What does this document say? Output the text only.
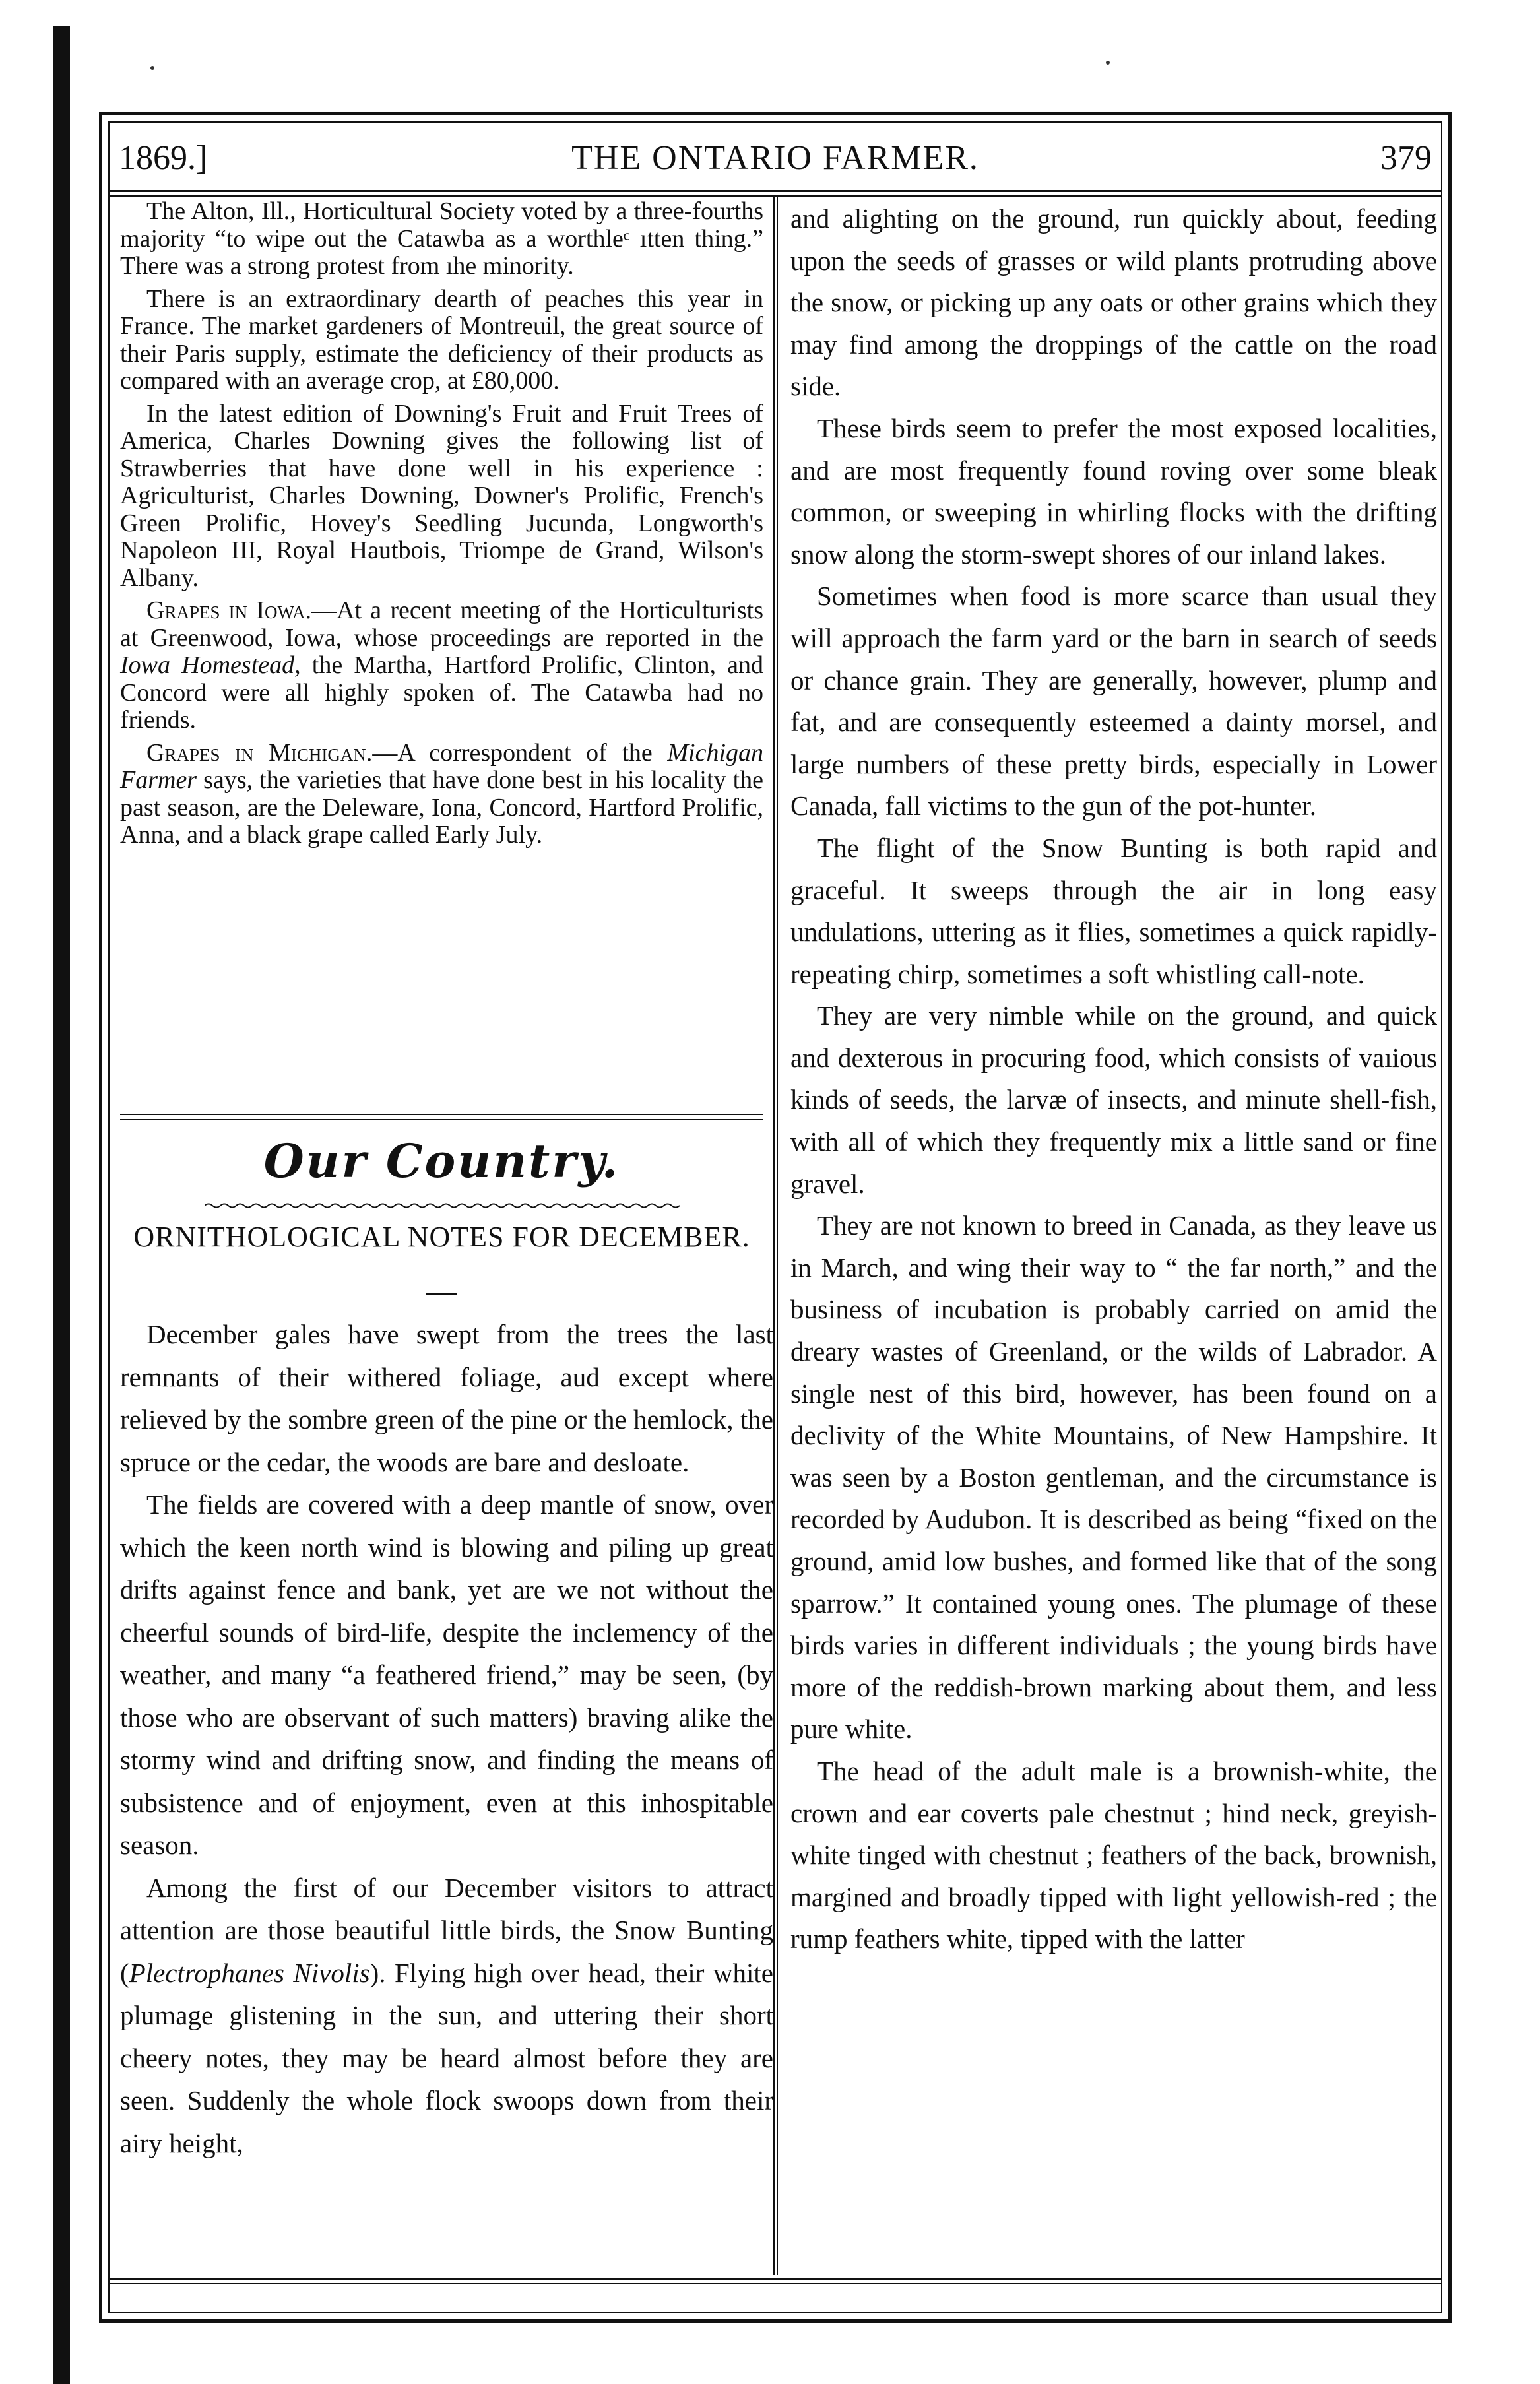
1869.]	THE ONTARIO FARMER.	379

The Alton, Ill., Horticultural Society voted by a three-fourths majority “to wipe out the Catawba as a worthleᶜ ıtten thing.” There was a strong protest from ıhe minority.

There is an extraordinary dearth of peaches this year in France. The market gardeners of Montreuil, the great source of their Paris supply, estimate the deficiency of their products as compared with an average crop, at £80,000.

In the latest edition of Downing's Fruit and Fruit Trees of America, Charles Downing gives the following list of Strawberries that have done well in his experience : Agriculturist, Charles Downing, Downer's Prolific, French's Green Prolific, Hovey's Seedling Jucunda, Longworth's Napoleon III, Royal Hautbois, Triompe de Grand, Wilson's Albany.

Grapes in Iowa.—At a recent meeting of the Horticulturists at Greenwood, Iowa, whose proceedings are reported in the Iowa Homestead, the Martha, Hartford Prolific, Clinton, and Concord were all highly spoken of. The Catawba had no friends.

Grapes in Michigan.—A correspondent of the Michigan Farmer says, the varieties that have done best in his locality the past season, are the Deleware, Iona, Concord, Hartford Prolific, Anna, and a black grape called Early July.

Our Country.
ORNITHOLOGICAL NOTES FOR DECEMBER.

December gales have swept from the trees the last remnants of their withered foliage, aud except where relieved by the sombre green of the pine or the hemlock, the spruce or the cedar, the woods are bare and desloate.

The fields are covered with a deep mantle of snow, over which the keen north wind is blowing and piling up great drifts against fence and bank, yet are we not without the cheerful sounds of bird-life, despite the inclemency of the weather, and many “a feathered friend,” may be seen, (by those who are observant of such matters) braving alike the stormy wind and drifting snow, and finding the means of subsistence and of enjoyment, even at this inhospitable season.

Among the first of our December visitors to attract attention are those beautiful little birds, the Snow Bunting (Plectrophanes Nivolis). Flying high over head, their white plumage glistening in the sun, and uttering their short cheery notes, they may be heard almost before they are seen. Suddenly the whole flock swoops down from their airy height,

and alighting on the ground, run quickly about, feeding upon the seeds of grasses or wild plants protruding above the snow, or picking up any oats or other grains which they may find among the droppings of the cattle on the road side.

These birds seem to prefer the most exposed localities, and are most frequently found roving over some bleak common, or sweeping in whirling flocks with the drifting snow along the storm-swept shores of our inland lakes.

Sometimes when food is more scarce than usual they will approach the farm yard or the barn in search of seeds or chance grain. They are generally, however, plump and fat, and are consequently esteemed a dainty morsel, and large numbers of these pretty birds, especially in Lower Canada, fall victims to the gun of the pot-hunter.

The flight of the Snow Bunting is both rapid and graceful. It sweeps through the air in long easy undulations, uttering as it flies, sometimes a quick rapidly-repeating chirp, sometimes a soft whistling call-note.

They are very nimble while on the ground, and quick and dexterous in procuring food, which consists of vaıious kinds of seeds, the larvæ of insects, and minute shell-fish, with all of which they frequently mix a little sand or fine gravel.

They are not known to breed in Canada, as they leave us in March, and wing their way to “ the far north,” and the business of incubation is probably carried on amid the dreary wastes of Greenland, or the wilds of Labrador. A single nest of this bird, however, has been found on a declivity of the White Mountains, of New Hampshire. It was seen by a Boston gentleman, and the circumstance is recorded by Audubon. It is described as being “fixed on the ground, amid low bushes, and formed like that of the song sparrow.” It contained young ones. The plumage of these birds varies in different individuals ; the young birds have more of the reddish-brown marking about them, and less pure white.

The head of the adult male is a brownish-white, the crown and ear coverts pale chestnut ; hind neck, greyish-white tinged with chestnut ; feathers of the back, brownish, margined and broadly tipped with light yellowish-red ; the rump feathers white, tipped with the latter
